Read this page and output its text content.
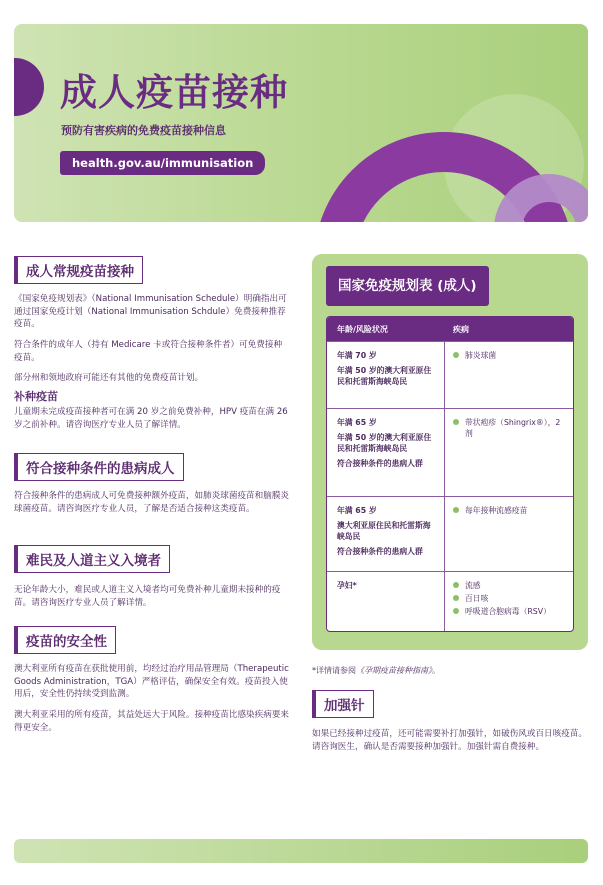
成人疫苗接种
预防有害疾病的免费疫苗接种信息
health.gov.au/immunisation
成人常规疫苗接种
《国家免疫规划表》（National Immunisation Schedule）明确指出可通过国家免疫计划（National Immunisation Schdule）免费接种推荐疫苗。
符合条件的成年人（持有 Medicare 卡或符合接种条件者）可免费接种疫苗。
部分州和领地政府可能还有其他的免费疫苗计划。
补种疫苗
儿童期未完成疫苗接种者可在满 20 岁之前免费补种，HPV 疫苗在满 26 岁之前补种。请咨询医疗专业人员了解详情。
符合接种条件的患病成人
符合接种条件的患病成人可免费接种额外疫苗，如肺炎球菌疫苗和脑膜炎球菌疫苗。请咨询医疗专业人员，了解是否适合接种这类疫苗。
难民及人道主义入境者
无论年龄大小，难民或人道主义入境者均可免费补种儿童期未接种的疫苗。请咨询医疗专业人员了解详情。
疫苗的安全性
澳大利亚所有疫苗在获批使用前，均经过治疗用品管理局（Therapeutic Goods Administration，TGA）严格评估，确保安全有效。疫苗投入使用后，安全性仍持续受到监测。
澳大利亚采用的所有疫苗，其益处远大于风险。接种疫苗比感染疾病要来得更安全。
国家免疫规划表 (成人)
年龄/风险状况	疾病
年满 70 岁
年满 50 岁的澳大利亚原住民和托雷斯海峡岛民
肺炎球菌
年满 65 岁
年满 50 岁的澳大利亚原住民和托雷斯海峡岛民
符合接种条件的患病人群
带状疱疹（Shingrix®），2 剂
年满 65 岁
澳大利亚原住民和托雷斯海峡岛民
符合接种条件的患病人群
每年接种流感疫苗
孕妇*	流感
百日咳
呼吸道合胞病毒（RSV）
*详情请参阅《孕期疫苗接种指南》。
加强针
如果已经接种过疫苗，还可能需要补打加强针，如破伤风或百日咳疫苗。请咨询医生，确认是否需要接种加强针。加强针需自费接种。
